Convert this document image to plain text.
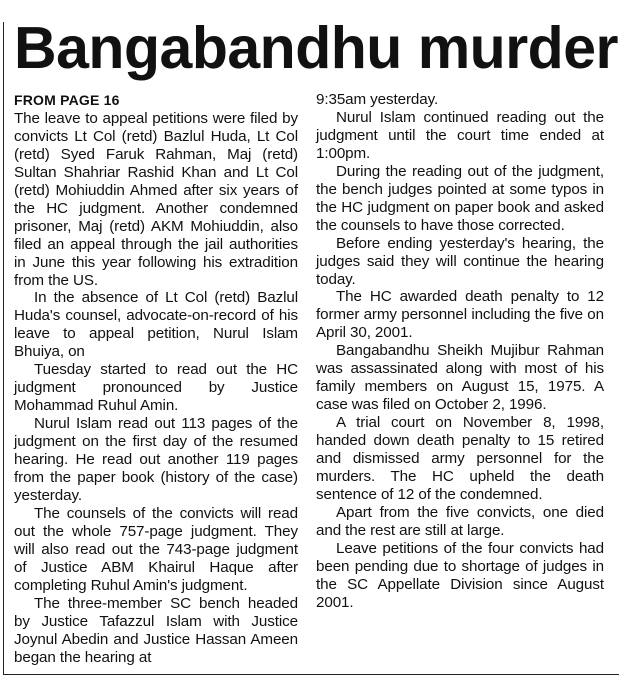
Bangabandhu murder
FROM PAGE 16

The leave to appeal petitions were filed by convicts Lt Col (retd) Bazlul Huda, Lt Col (retd) Syed Faruk Rahman, Maj (retd) Sultan Shahriar Rashid Khan and Lt Col (retd) Mohiuddin Ahmed after six years of the HC judgment. Another condemned prisoner, Maj (retd) AKM Mohiuddin, also filed an appeal through the jail authorities in June this year following his extradition from the US.

In the absence of Lt Col (retd) Bazlul Huda's counsel, advocate-on-record of his leave to appeal petition, Nurul Islam Bhuiya, on

Tuesday started to read out the HC judgment pronounced by Justice Mohammad Ruhul Amin.

Nurul Islam read out 113 pages of the judgment on the first day of the resumed hearing. He read out another 119 pages from the paper book (history of the case) yesterday.

The counsels of the convicts will read out the whole 757-page judgment. They will also read out the 743-page judgment of Justice ABM Khairul Haque after completing Ruhul Amin's judgment.

The three-member SC bench headed by Justice Tafazzul Islam with Justice Joynul Abedin and Justice Hassan Ameen began the hearing at

9:35am yesterday.

Nurul Islam continued reading out the judgment until the court time ended at 1:00pm.

During the reading out of the judgment, the bench judges pointed at some typos in the HC judgment on paper book and asked the counsels to have those corrected.

Before ending yesterday's hearing, the judges said they will continue the hearing today.

The HC awarded death penalty to 12 former army personnel including the five on April 30, 2001.

Bangabandhu Sheikh Mujibur Rahman was assassinated along with most of his family members on August 15, 1975. A case was filed on October 2, 1996.

A trial court on November 8, 1998, handed down death penalty to 15 retired and dismissed army personnel for the murders. The HC upheld the death sentence of 12 of the condemned.

Apart from the five convicts, one died and the rest are still at large.

Leave petitions of the four convicts had been pending due to shortage of judges in the SC Appellate Division since August 2001.
